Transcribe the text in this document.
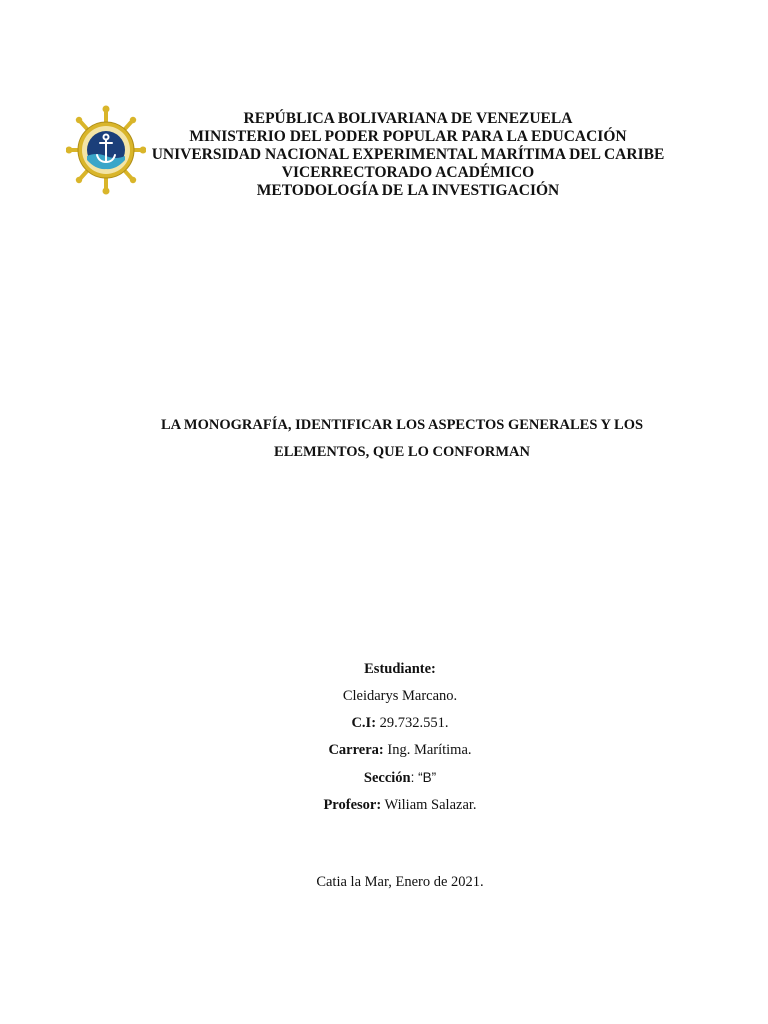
REPÚBLICA BOLIVARIANA DE VENEZUELA
MINISTERIO DEL PODER POPULAR PARA LA EDUCACIÓN
UNIVERSIDAD NACIONAL EXPERIMENTAL MARÍTIMA DEL CARIBE
VICERRECTORADO ACADÉMICO
METODOLOGÍA DE LA INVESTIGACIÓN
LA MONOGRAFÍA, IDENTIFICAR LOS ASPECTOS GENERALES Y LOS
ELEMENTOS, QUE LO CONFORMAN
Estudiante:
Cleidarys Marcano.
C.I: 29.732.551.
Carrera: Ing. Marítima.
Sección: “B”
Profesor: Wiliam Salazar.
Catia la Mar, Enero de 2021.
